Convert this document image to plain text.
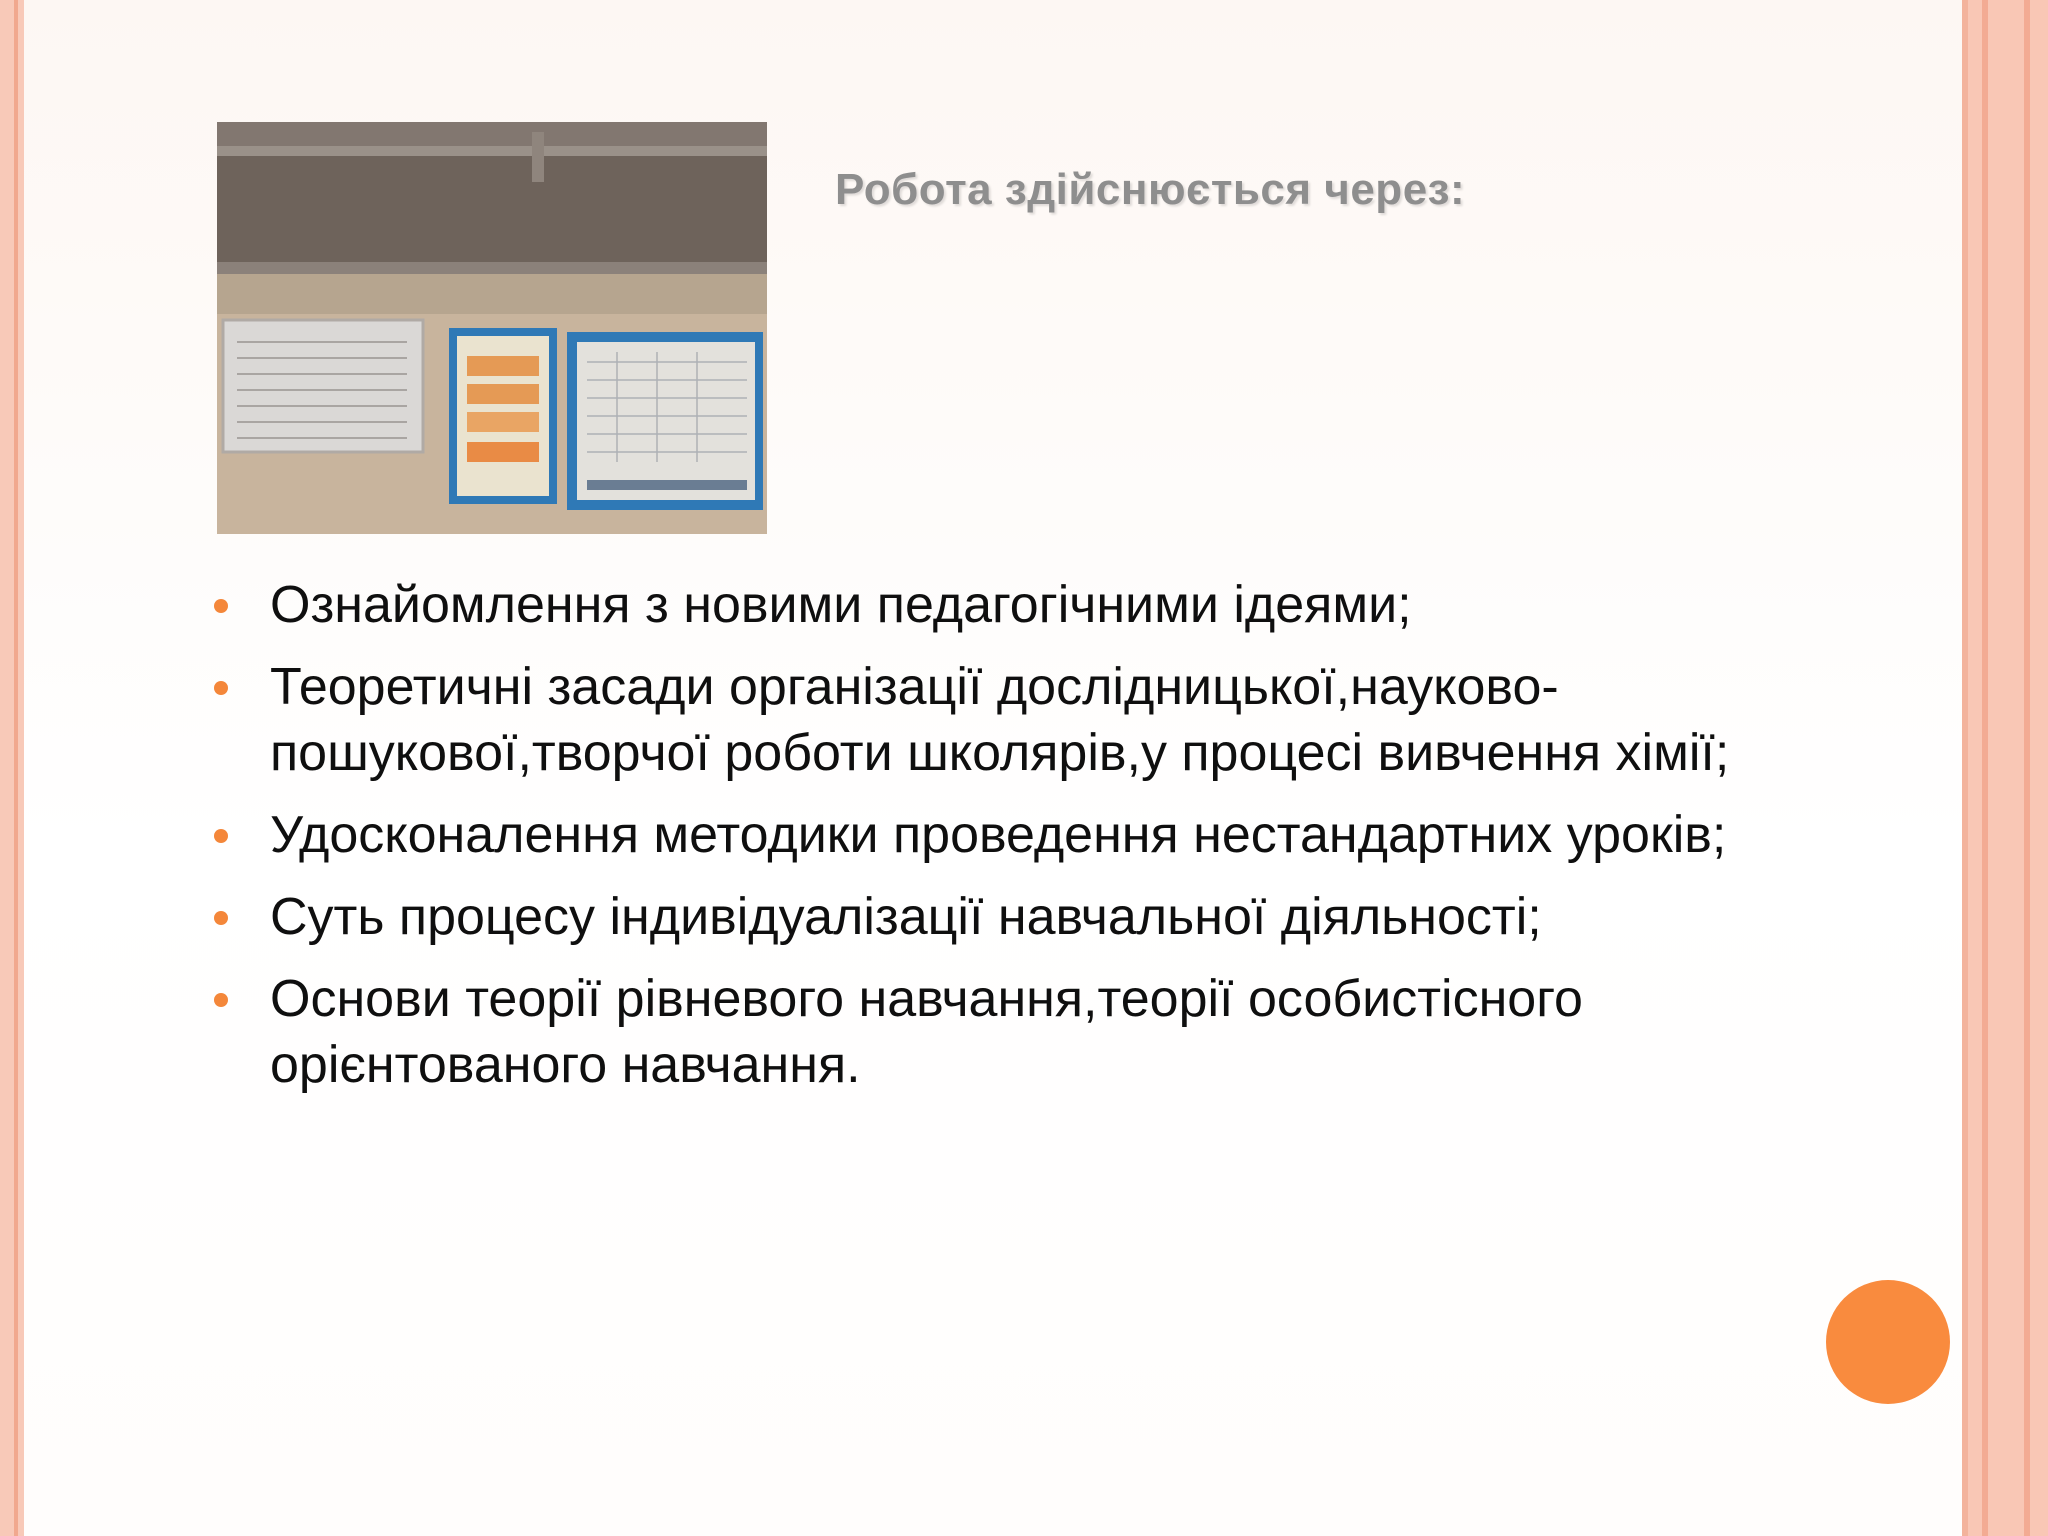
Робота здійснюється через:
Ознайомлення з новими педагогічними ідеями;
Теоретичні засади організації дослідницької,науково-пошукової,творчої роботи школярів,у процесі вивчення хімії;
Удосконалення методики проведення нестандартних уроків;
Суть процесу індивідуалізації навчальної діяльності;
Основи теорії рівневого навчання,теорії особистісного орієнтованого навчання.
